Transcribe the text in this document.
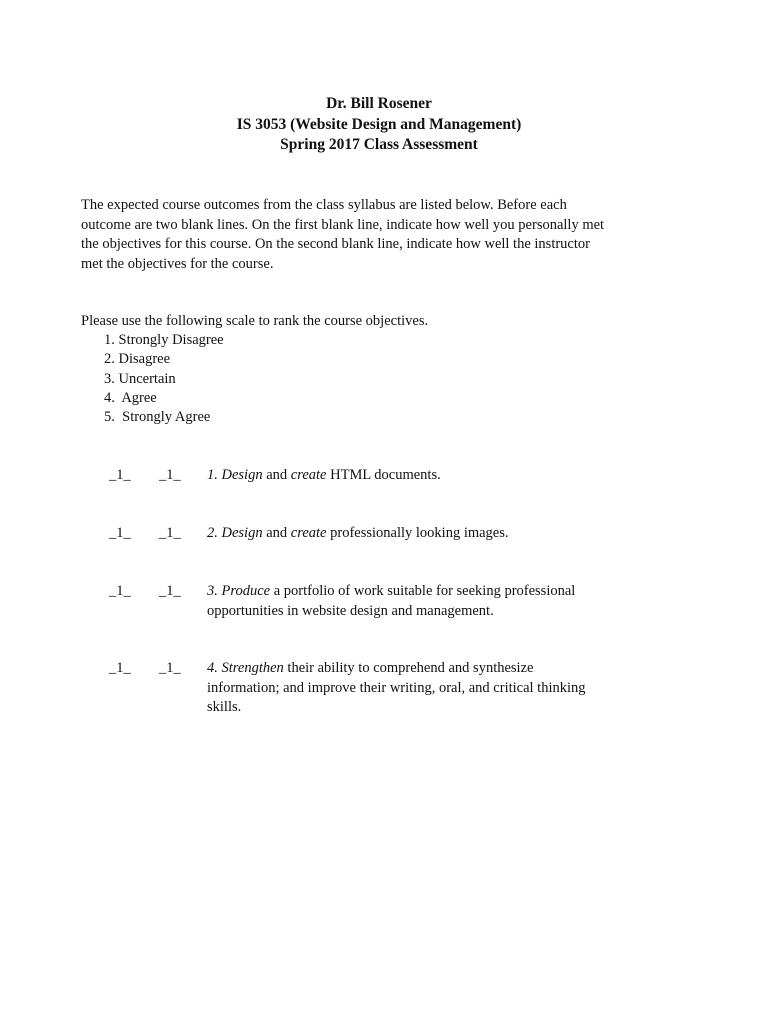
Dr. Bill Rosener
IS 3053 (Website Design and Management)
Spring 2017 Class Assessment
The expected course outcomes from the class syllabus are listed below. Before each
outcome are two blank lines. On the first blank line, indicate how well you personally met
the objectives for this course. On the second blank line, indicate how well the instructor
met the objectives for the course.
Please use the following scale to rank the course objectives.
1. Strongly Disagree
2. Disagree
3. Uncertain
4.  Agree
5.  Strongly Agree
_1_ _1_ 1. Design and create HTML documents.
_1_ _1_ 2. Design and create professionally looking images.
_1_ _1_ 3. Produce a portfolio of work suitable for seeking professional
opportunities in website design and management.
_1_ _1_ 4. Strengthen their ability to comprehend and synthesize
information; and improve their writing, oral, and critical thinking
skills.
